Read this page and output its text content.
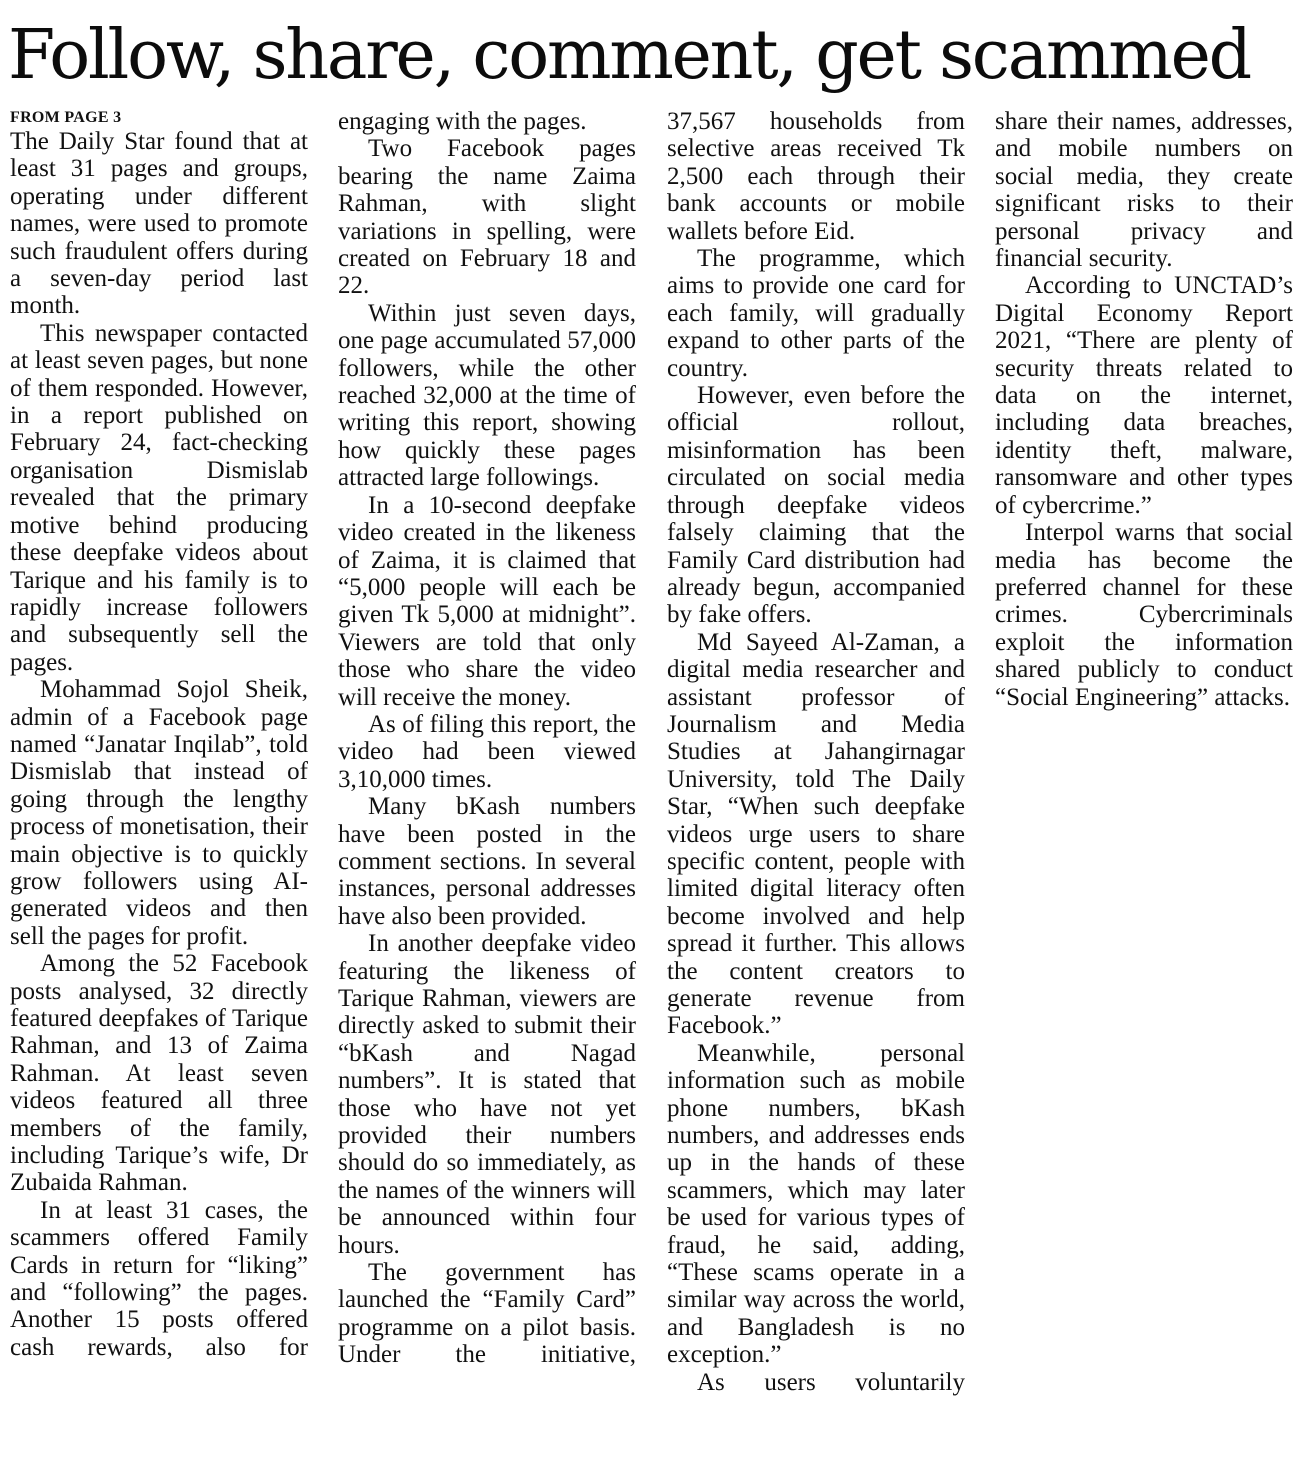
Follow, share, comment, get scammed
FROM PAGE 3

The Daily Star found that at least 31 pages and groups, operating under different names, were used to promote such fraudulent offers during a seven-day period last month.

This newspaper contacted at least seven pages, but none of them responded. However, in a report published on February 24, fact-checking organisation Dismislab revealed that the primary motive behind producing these deepfake videos about Tarique and his family is to rapidly increase followers and subsequently sell the pages.

Mohammad Sojol Sheik, admin of a Facebook page named “Janatar Inqilab”, told Dismislab that instead of going through the lengthy process of monetisation, their main objective is to quickly grow followers using AI-generated videos and then sell the pages for profit.

Among the 52 Facebook posts analysed, 32 directly featured deepfakes of Tarique Rahman, and 13 of Zaima Rahman. At least seven videos featured all three members of the family, including Tarique’s wife, Dr Zubaida Rahman.

In at least 31 cases, the scammers offered Family Cards in return for “liking” and “following” the pages. Another 15 posts offered cash rewards, also for

engaging with the pages.

Two Facebook pages bearing the name Zaima Rahman, with slight variations in spelling, were created on February 18 and 22.

Within just seven days, one page accumulated 57,000 followers, while the other reached 32,000 at the time of writing this report, showing how quickly these pages attracted large followings.

In a 10-second deepfake video created in the likeness of Zaima, it is claimed that “5,000 people will each be given Tk 5,000 at midnight”. Viewers are told that only those who share the video will receive the money.

As of filing this report, the video had been viewed 3,10,000 times.

Many bKash numbers have been posted in the comment sections. In several instances, personal addresses have also been provided.

In another deepfake video featuring the likeness of Tarique Rahman, viewers are directly asked to submit their “bKash and Nagad numbers”. It is stated that those who have not yet provided their numbers should do so immediately, as the names of the winners will be announced within four hours.

The government has launched the “Family Card” programme on a pilot basis. Under the initiative,

37,567 households from selective areas received Tk 2,500 each through their bank accounts or mobile wallets before Eid.

The programme, which aims to provide one card for each family, will gradually expand to other parts of the country.

However, even before the official rollout, misinformation has been circulated on social media through deepfake videos falsely claiming that the Family Card distribution had already begun, accompanied by fake offers.

Md Sayeed Al-Zaman, a digital media researcher and assistant professor of Journalism and Media Studies at Jahangirnagar University, told The Daily Star, “When such deepfake videos urge users to share specific content, people with limited digital literacy often become involved and help spread it further. This allows the content creators to generate revenue from Facebook.”

Meanwhile, personal information such as mobile phone numbers, bKash numbers, and addresses ends up in the hands of these scammers, which may later be used for various types of fraud, he said, adding, “These scams operate in a similar way across the world, and Bangladesh is no exception.”

As users voluntarily

share their names, addresses, and mobile numbers on social media, they create significant risks to their personal privacy and financial security.

According to UNCTAD’s Digital Economy Report 2021, “There are plenty of security threats related to data on the internet, including data breaches, identity theft, malware, ransomware and other types of cybercrime.”

Interpol warns that social media has become the preferred channel for these crimes. Cybercriminals exploit the information shared publicly to conduct “Social Engineering” attacks.
